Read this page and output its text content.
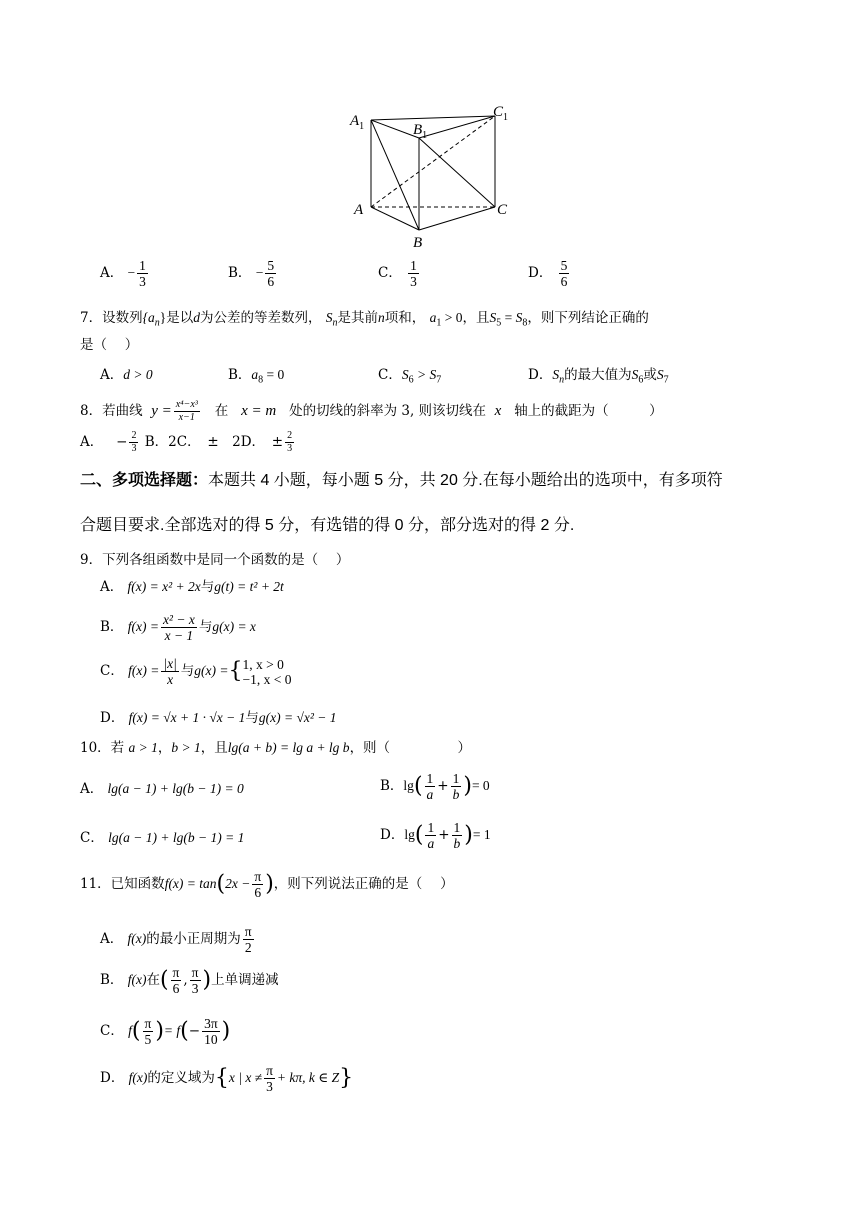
$A_1$	$B_1$
$C_1$
A
B
C
A． − $\frac{1}{3}$	B． − $\frac{5}{6}$	C． $\frac{1}{3}$	D． $\frac{5}{6}$
7．设数列$\{a_n\}$是以d为公差的等差数列， $S_n$是其前n项和， $a_1 > 0$，且$S_5 = S_8$，则下列结论正确的
是（　 ）
A．d > 0	B．$a_8 = 0$	C．$S_6 > S_7$	D．$S_n$的最大值为$S_6$或$S_7$
8．若曲线 $y = \frac{\text{x⁴−x³}}{x-1}$ 在 x = m 处的切线的斜率为 3, 则该切线在 x 轴上的截距为（　　　）
A． − $\frac{2}{3}$ B．2C．　±　2D．　± $\frac{2}{3}$
二、多项选择题：本题共 4 小题，每小题 5 分，共 20 分.在每小题给出的选项中，有多项符
合题目要求.全部选对的得 5 分，有选错的得 0 分，部分选对的得 2 分.
9．下列各组函数中是同一个函数的是（　 ）
A． f(x) = x² + 2x与g(t) = t² + 2t
B． $f(x) = \frac{\text{x² − x}}{x - 1}$ 与g(x) = x
C． $f(x) = \frac{|x|}{x}$ 与g(x) ={ 1, x > 0
−1, x < 0
D． f(x) = √x + 1 · √x − 1与g(x) = √x² − 1
10．若 a > 1，b > 1，且lg(a + b) = lg a + lg b，则（　　　　　）
A． lg(a − 1) + lg(b − 1) = 0	B．$\lg( \frac{1}{a} + \frac{1}{b}$ )= 0
C． lg(a − 1) + lg(b − 1) = 1	D．$\lg( \frac{1}{a} + \frac{1}{b}$ )= 1
11．已知函数$f(x) = \tan(2x - \frac{\pi}{6}$ )，则下列说法正确的是（　 ）
A． f(x)的最小正周期为 $\frac{\pi}{2}$
B． f(x)在( $\frac{\pi}{6}$ , $\frac{\pi}{3}$ )上单调递减
C． $f( \frac{\pi}{5}$ )= $f(- \frac{3\pi}{10}$ )
D． f(x)的定义域为{x | $x \ne \frac{\pi}{3} + k\pi$, k ∈ Z}
